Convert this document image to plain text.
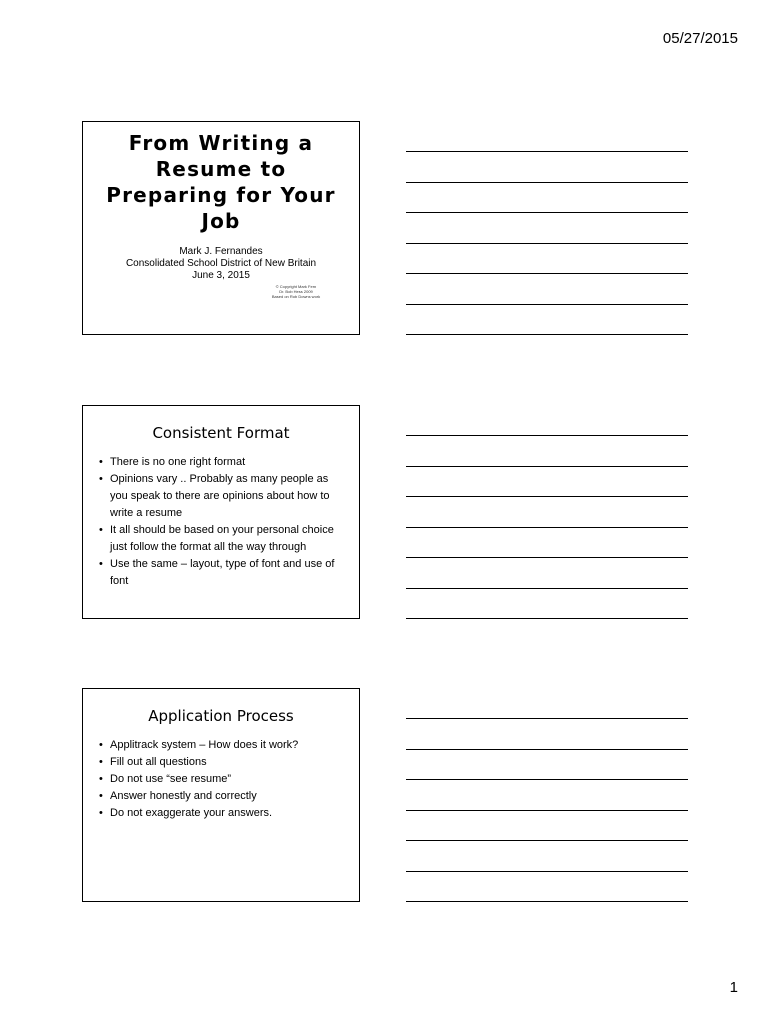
05/27/2015
From Writing a Resume to Preparing for Your Job
Mark J. Fernandes
Consolidated School District of New Britain
June 3, 2015
© Copyright Mark Fern
Dr. Bob Hess 2009
Based on Rob Downs work
Consistent Format
• There is no one right format
• Opinions vary .. Probably as many people as you speak to there are opinions about how to write a resume
• It all should be based on your personal choice just follow the format all the way through
• Use the same – layout, type of font and use of font
Application Process
• Applitrack system – How does it work?
• Fill out all questions
• Do not use “see resume”
• Answer honestly and correctly
• Do not exaggerate your answers.
1
